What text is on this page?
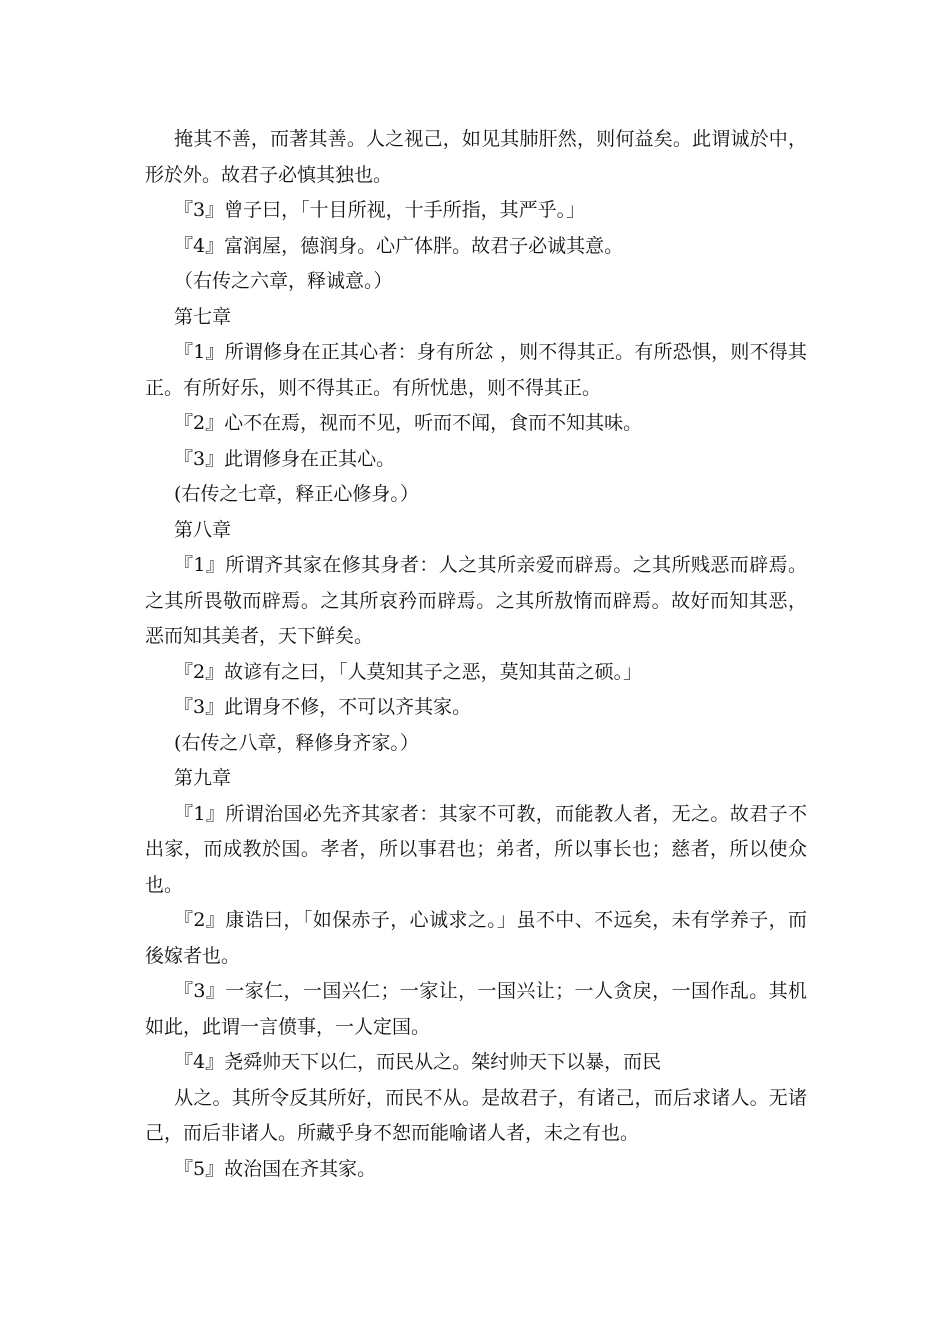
掩其不善，而著其善。人之视己，如见其肺肝然，则何益矣。此谓诚於中，形於外。故君子必慎其独也。

『3』曾子曰，「十目所视，十手所指，其严乎。」

『4』富润屋，德润身。心广体胖。故君子必诚其意。

（右传之六章，释诚意。）

第七章

『1』所谓修身在正其心者：身有所忿 ，则不得其正。有所恐惧，则不得其正。有所好乐，则不得其正。有所忧患，则不得其正。

『2』心不在焉，视而不见，听而不闻，食而不知其味。

『3』此谓修身在正其心。

(右传之七章，释正心修身。）

第八章

『1』所谓齐其家在修其身者：人之其所亲爱而辟焉。之其所贱恶而辟焉。之其所畏敬而辟焉。之其所哀矜而辟焉。之其所敖惰而辟焉。故好而知其恶，恶而知其美者，天下鲜矣。

『2』故谚有之曰，「人莫知其子之恶，莫知其苗之硕。」

『3』此谓身不修，不可以齐其家。

(右传之八章，释修身齐家。）

第九章

『1』所谓治国必先齐其家者：其家不可教，而能教人者，无之。故君子不出家，而成教於国。孝者，所以事君也；弟者，所以事长也；慈者，所以使众也。

『2』康诰曰，「如保赤子，心诚求之。」虽不中、不远矣，未有学养子，而後嫁者也。

『3』一家仁，一国兴仁；一家让，一国兴让；一人贪戾，一国作乱。其机如此，此谓一言偾事，一人定国。

『4』尧舜帅天下以仁，而民从之。桀纣帅天下以暴，而民

从之。其所令反其所好，而民不从。是故君子，有诸己，而后求诸人。无诸己，而后非诸人。所藏乎身不恕而能喻诸人者，未之有也。

『5』故治国在齐其家。
